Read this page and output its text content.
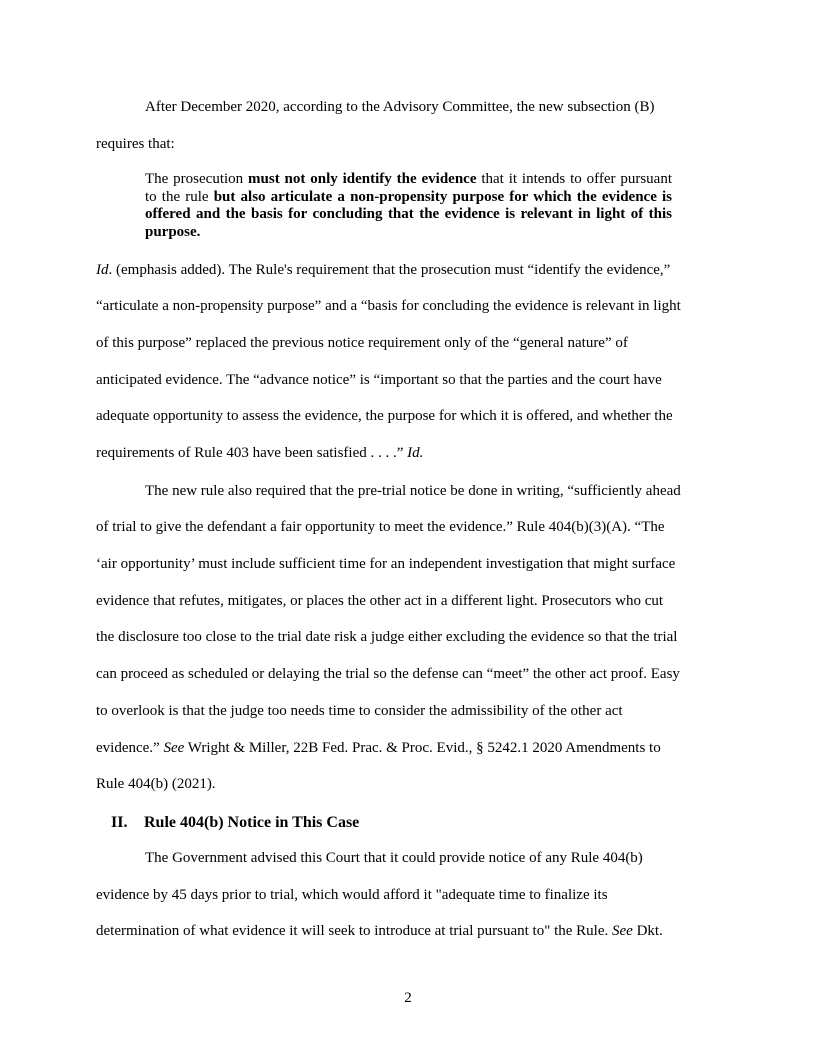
After December 2020, according to the Advisory Committee, the new subsection (B)
requires that:
The prosecution must not only identify the evidence that it intends to offer pursuant to the rule but also articulate a non-propensity purpose for which the evidence is offered and the basis for concluding that the evidence is relevant in light of this purpose.
Id. (emphasis added). The Rule's requirement that the prosecution must “identify the evidence,”
“articulate a non-propensity purpose” and a “basis for concluding the evidence is relevant in light
of this purpose” replaced the previous notice requirement only of the “general nature” of
anticipated evidence. The “advance notice” is “important so that the parties and the court have
adequate opportunity to assess the evidence, the purpose for which it is offered, and whether the
requirements of Rule 403 have been satisfied . . . .” Id.
The new rule also required that the pre-trial notice be done in writing, “sufficiently ahead
of trial to give the defendant a fair opportunity to meet the evidence.” Rule 404(b)(3)(A). “The
‘air opportunity’ must include sufficient time for an independent investigation that might surface
evidence that refutes, mitigates, or places the other act in a different light. Prosecutors who cut
the disclosure too close to the trial date risk a judge either excluding the evidence so that the trial
can proceed as scheduled or delaying the trial so the defense can “meet” the other act proof. Easy
to overlook is that the judge too needs time to consider the admissibility of the other act
evidence.” See Wright & Miller, 22B Fed. Prac. & Proc. Evid., § 5242.1 2020 Amendments to
Rule 404(b) (2021).
II. Rule 404(b) Notice in This Case
The Government advised this Court that it could provide notice of any Rule 404(b)
evidence by 45 days prior to trial, which would afford it "adequate time to finalize its
determination of what evidence it will seek to introduce at trial pursuant to" the Rule. See Dkt.
2
